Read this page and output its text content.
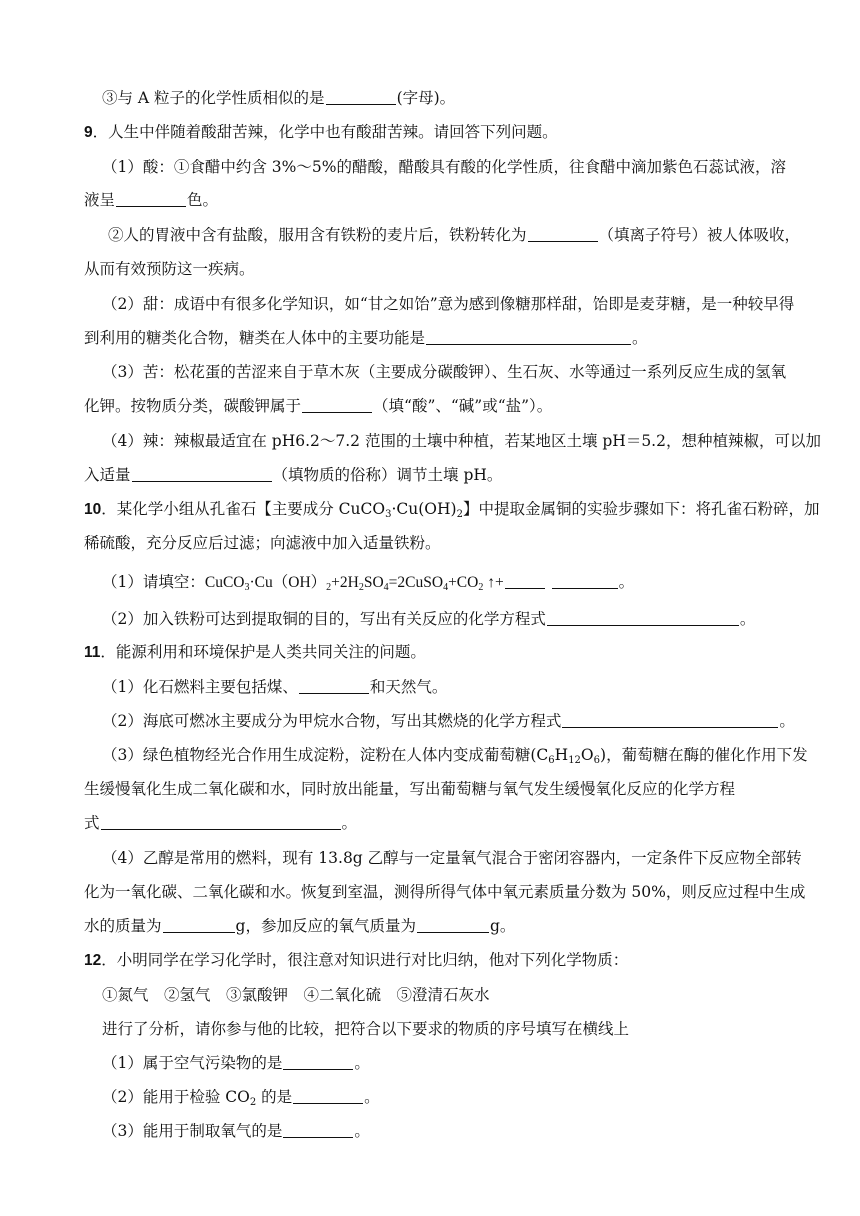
③与 A 粒子的化学性质相似的是	(字母)。
9．人生中伴随着酸甜苦辣，化学中也有酸甜苦辣。请回答下列问题。
（1）酸：①食醋中约含 3%～5%的醋酸，醋酸具有酸的化学性质，往食醋中滴加紫色石蕊试液，溶
液呈	色。
②人的胃液中含有盐酸，服用含有铁粉的麦片后，铁粉转化为	（填离子符号）被人体吸收，
从而有效预防这一疾病。
（2）甜：成语中有很多化学知识，如“甘之如饴”意为感到像糖那样甜，饴即是麦芽糖，是一种较早得
到利用的糖类化合物，糖类在人体中的主要功能是	。
（3）苦：松花蛋的苦涩来自于草木灰（主要成分碳酸钾）、生石灰、水等通过一系列反应生成的氢氧
化钾。按物质分类，碳酸钾属于	（填“酸”、“碱”或“盐”）。
（4）辣：辣椒最适宜在 pH6.2～7.2 范围的土壤中种植，若某地区土壤 pH＝5.2，想种植辣椒，可以加
入适量	（填物质的俗称）调节土壤 pH。
10．某化学小组从孔雀石【主要成分 $CuCO_3\cdot Cu(OH)_2$】中提取金属铜的实验步骤如下：将孔雀石粉碎，加
稀硫酸，充分反应后过滤；向滤液中加入适量铁粉。
（1）请填空：$CuCO_3\cdot Cu(OH)_2+2H_2SO_4=2CuSO_4+CO_2$ ↑+	。
（2）加入铁粉可达到提取铜的目的，写出有关反应的化学方程式	。
11．能源利用和环境保护是人类共同关注的问题。
（1）化石燃料主要包括煤、	和天然气。
（2）海底可燃冰主要成分为甲烷水合物，写出其燃烧的化学方程式	。
（3）绿色植物经光合作用生成淀粉，淀粉在人体内变成葡萄糖$(C_6H_{12}O_6)$，葡萄糖在酶的催化作用下发
生缓慢氧化生成二氧化碳和水，同时放出能量，写出葡萄糖与氧气发生缓慢氧化反应的化学方程
式	。
（4）乙醇是常用的燃料，现有 13.8g 乙醇与一定量氧气混合于密闭容器内，一定条件下反应物全部转
化为一氧化碳、二氧化碳和水。恢复到室温，测得所得气体中氧元素质量分数为 50%，则反应过程中生成
水的质量为	g，参加反应的氧气质量为	g。
12．小明同学在学习化学时，很注意对知识进行对比归纳，他对下列化学物质：
①氮气　②氢气　③氯酸钾　④二氧化硫　⑤澄清石灰水
进行了分析，请你参与他的比较，把符合以下要求的物质的序号填写在横线上
（1）属于空气污染物的是	。
（2）能用于检验 $CO_2$ 的是	。
（3）能用于制取氧气的是	。
